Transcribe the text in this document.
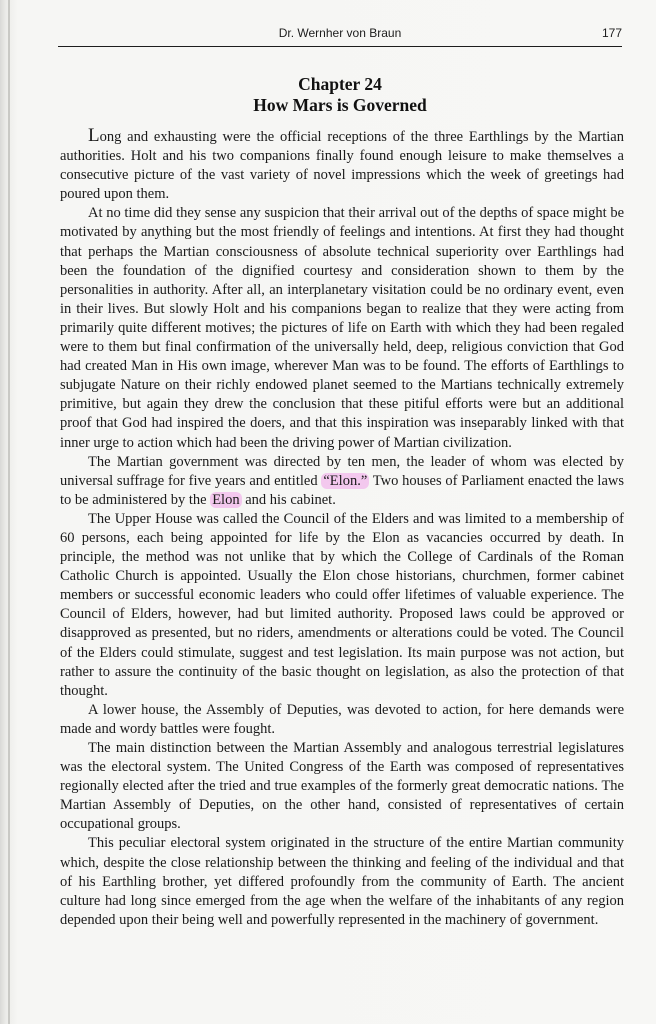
Dr. Wernher von Braun	177
Chapter 24
How Mars is Governed

Long and exhausting were the official receptions of the three Earthlings by the Martian authorities. Holt and his two companions finally found enough leisure to make themselves a consecutive picture of the vast variety of novel impressions which the week of greetings had poured upon them.

At no time did they sense any suspicion that their arrival out of the depths of space might be motivated by anything but the most friendly of feelings and intentions. At first they had thought that perhaps the Martian consciousness of absolute technical superiority over Earthlings had been the foundation of the dignified courtesy and consideration shown to them by the personalities in authority. After all, an interplanetary visitation could be no ordinary event, even in their lives. But slowly Holt and his companions began to realize that they were acting from primarily quite different motives; the pictures of life on Earth with which they had been regaled were to them but final confirmation of the universally held, deep, religious conviction that God had created Man in His own image, wherever Man was to be found. The efforts of Earthlings to subjugate Nature on their richly endowed planet seemed to the Martians technically extremely primitive, but again they drew the conclusion that these pitiful efforts were but an additional proof that God had inspired the doers, and that this inspiration was inseparably linked with that inner urge to action which had been the driving power of Martian civilization.

The Martian government was directed by ten men, the leader of whom was elected by universal suffrage for five years and entitled “Elon.” Two houses of Parliament enacted the laws to be administered by the Elon and his cabinet.

The Upper House was called the Council of the Elders and was limited to a membership of 60 persons, each being appointed for life by the Elon as vacancies occurred by death. In principle, the method was not unlike that by which the College of Cardinals of the Roman Catholic Church is appointed. Usually the Elon chose historians, churchmen, former cabinet members or successful economic leaders who could offer lifetimes of valuable experience. The Council of Elders, however, had but limited authority. Proposed laws could be approved or disapproved as presented, but no riders, amendments or alterations could be voted. The Council of the Elders could stimulate, suggest and test legislation. Its main purpose was not action, but rather to assure the continuity of the basic thought on legislation, as also the protection of that thought.

A lower house, the Assembly of Deputies, was devoted to action, for here demands were made and wordy battles were fought.

The main distinction between the Martian Assembly and analogous terrestrial legislatures was the electoral system. The United Congress of the Earth was composed of representatives regionally elected after the tried and true examples of the formerly great democratic nations. The Martian Assembly of Deputies, on the other hand, consisted of representatives of certain occupational groups.

This peculiar electoral system originated in the structure of the entire Martian community which, despite the close relationship between the thinking and feeling of the individual and that of his Earthling brother, yet differed profoundly from the community of Earth. The ancient culture had long since emerged from the age when the welfare of the inhabitants of any region depended upon their being well and powerfully represented in the machinery of government.
